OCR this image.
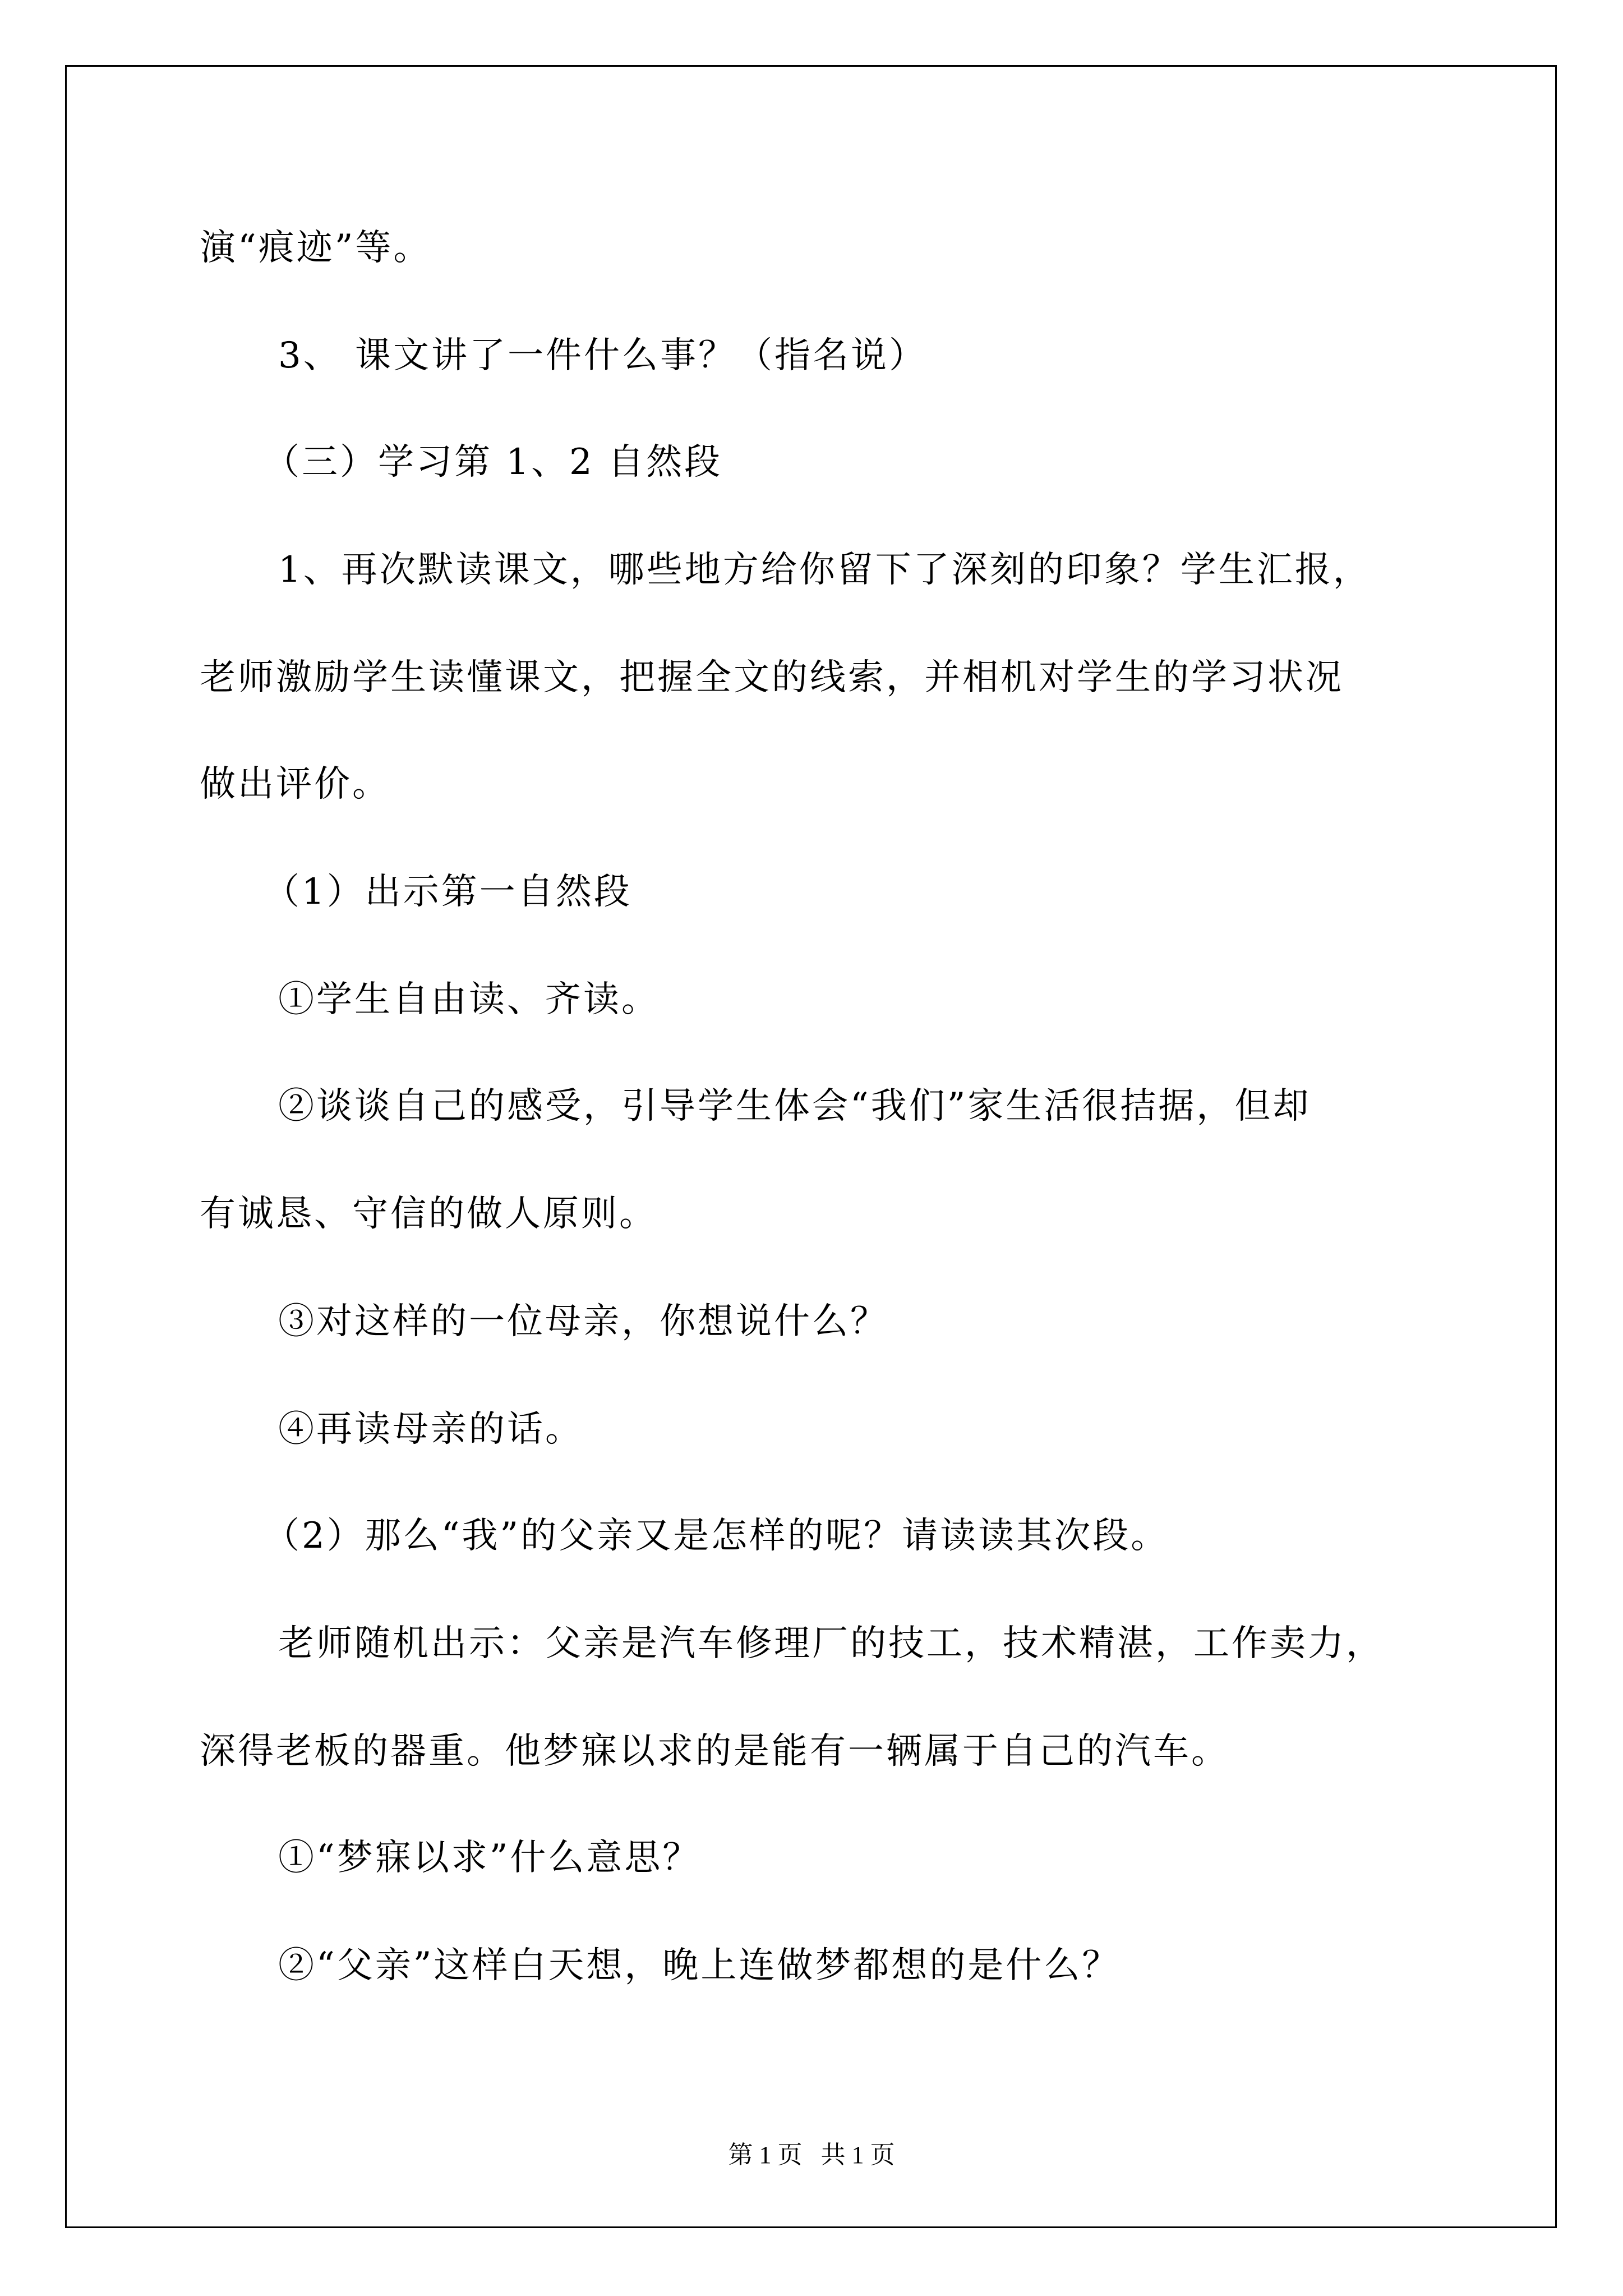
演“痕迹”等。
3、 课文讲了一件什么事？（指名说）
（三）学习第 1、2 自然段
1、再次默读课文，哪些地方给你留下了深刻的印象？学生汇报，
老师激励学生读懂课文，把握全文的线索，并相机对学生的学习状况
做出评价。
（1）出示第一自然段
①学生自由读、齐读。
②谈谈自己的感受，引导学生体会“我们”家生活很拮据，但却
有诚恳、守信的做人原则。
③对这样的一位母亲，你想说什么？
④再读母亲的话。
（2）那么“我”的父亲又是怎样的呢？请读读其次段。
老师随机出示：父亲是汽车修理厂的技工，技术精湛，工作卖力，
深得老板的器重。他梦寐以求的是能有一辆属于自己的汽车。
①“梦寐以求”什么意思？
②“父亲”这样白天想，晚上连做梦都想的是什么？
第 1 页   共 1 页
